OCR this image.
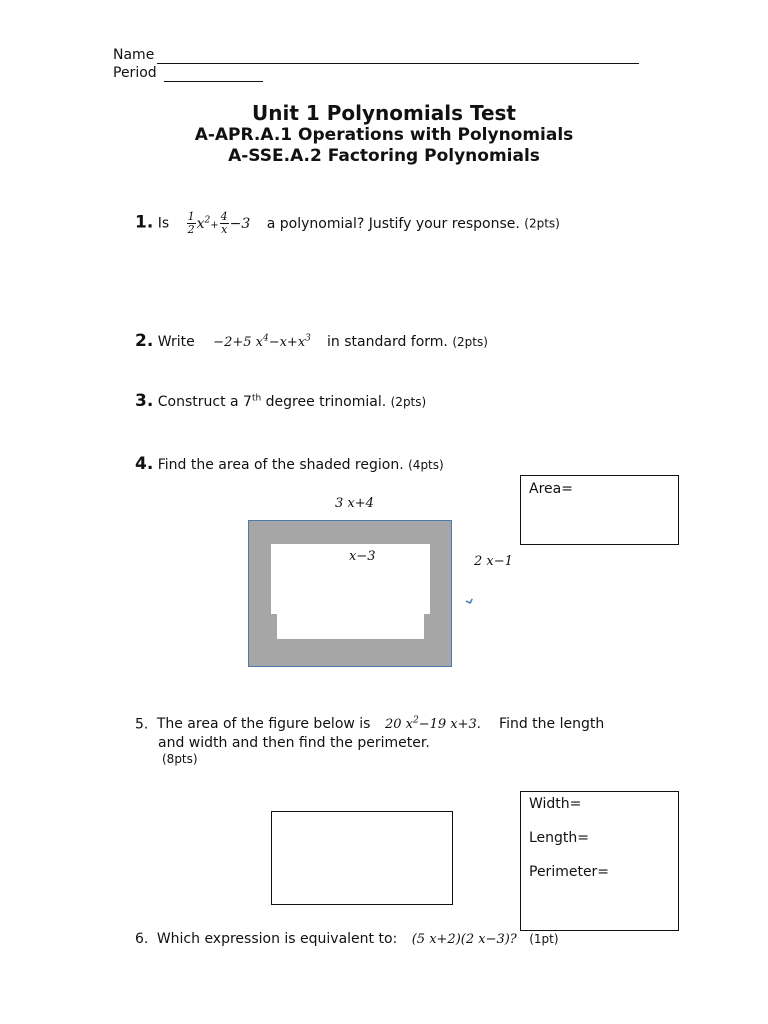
Name
Period
Unit 1 Polynomials Test
A-APR.A.1 Operations with Polynomials
A-SSE.A.2 Factoring Polynomials
1. Is $\frac{1}{2} x^2+ \frac{4}{x} -3$ a polynomial? Justify your response. (2pts)
2. Write −2+5 $x^4-x+x^3$ in standard form. (2pts)
3. Construct a 7th degree trinomial. (2pts)
4. Find the area of the shaded region. (4pts)
3 x+4
x−3	2 x−1
⌄
Area=
5. The area of the figure below is 20 $x^2-19$ x+3. Find the length
and width and then find the perimeter.
(8pts)
Width=
Length=
Perimeter=
6. Which expression is equivalent to: (5 x+2)(2 x−3)? (1pt)
